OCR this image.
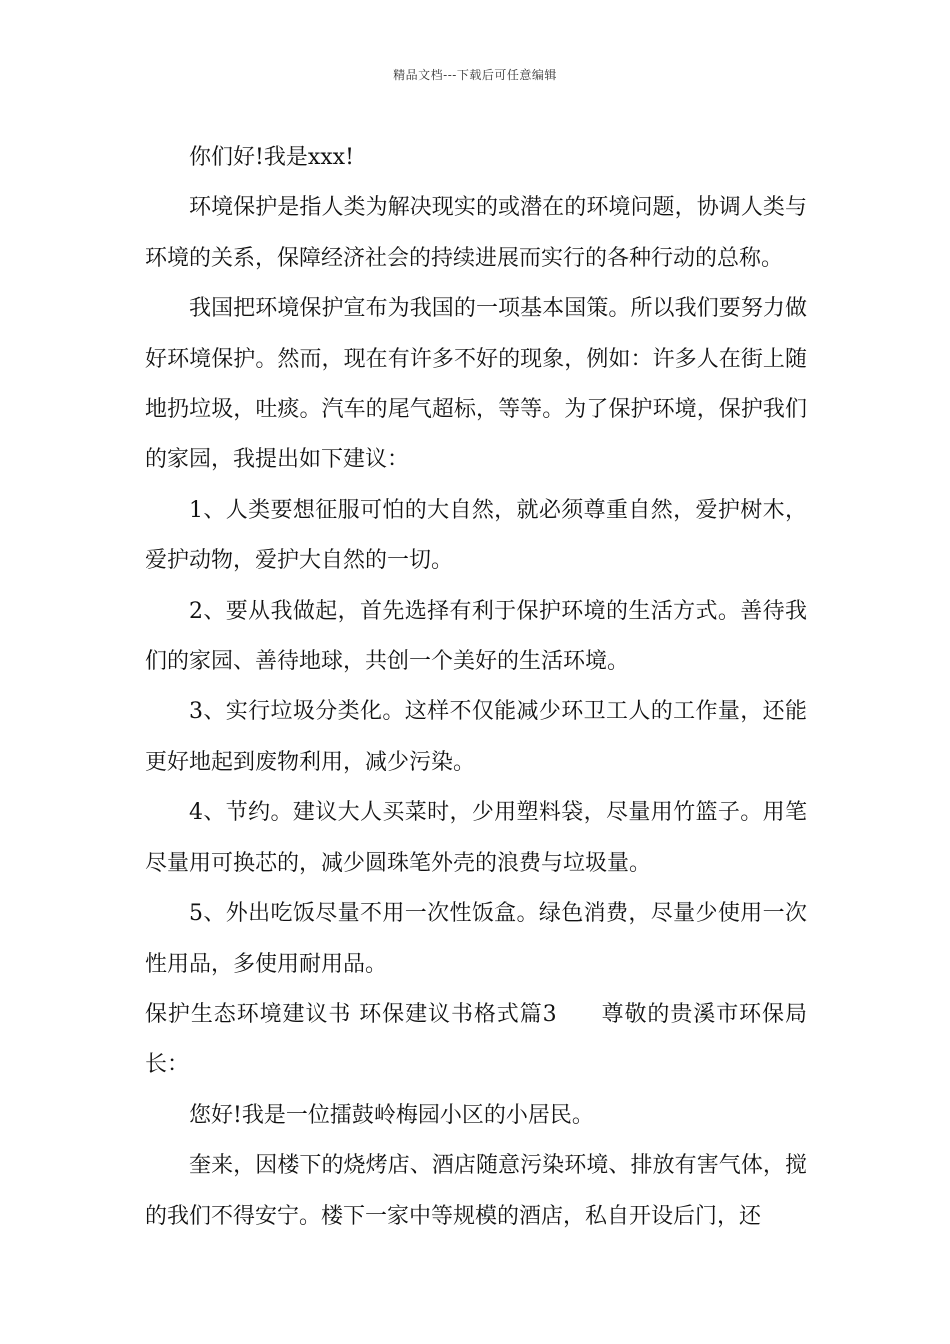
精品文档---下载后可任意编辑

你们好!我是xxx!

环境保护是指人类为解决现实的或潜在的环境问题，协调人类与环境的关系，保障经济社会的持续进展而实行的各种行动的总称。

我国把环境保护宣布为我国的一项基本国策。所以我们要努力做好环境保护。然而，现在有许多不好的现象，例如：许多人在街上随地扔垃圾，吐痰。汽车的尾气超标，等等。为了保护环境，保护我们的家园，我提出如下建议：

1、人类要想征服可怕的大自然，就必须尊重自然，爱护树木，爱护动物，爱护大自然的一切。

2、要从我做起，首先选择有利于保护环境的生活方式。善待我们的家园、善待地球，共创一个美好的生活环境。

3、实行垃圾分类化。这样不仅能减少环卫工人的工作量，还能更好地起到废物利用，减少污染。

4、节约。建议大人买菜时，少用塑料袋，尽量用竹篮子。用笔尽量用可换芯的，减少圆珠笔外壳的浪费与垃圾量。

5、外出吃饭尽量不用一次性饭盒。绿色消费，尽量少使用一次性用品，多使用耐用品。

保护生态环境建议书 环保建议书格式篇3 尊敬的贵溪市环保局长：

您好!我是一位擂鼓岭梅园小区的小居民。

奎来，因楼下的烧烤店、酒店随意污染环境、排放有害气体，搅的我们不得安宁。楼下一家中等规模的酒店，私自开设后门，还
